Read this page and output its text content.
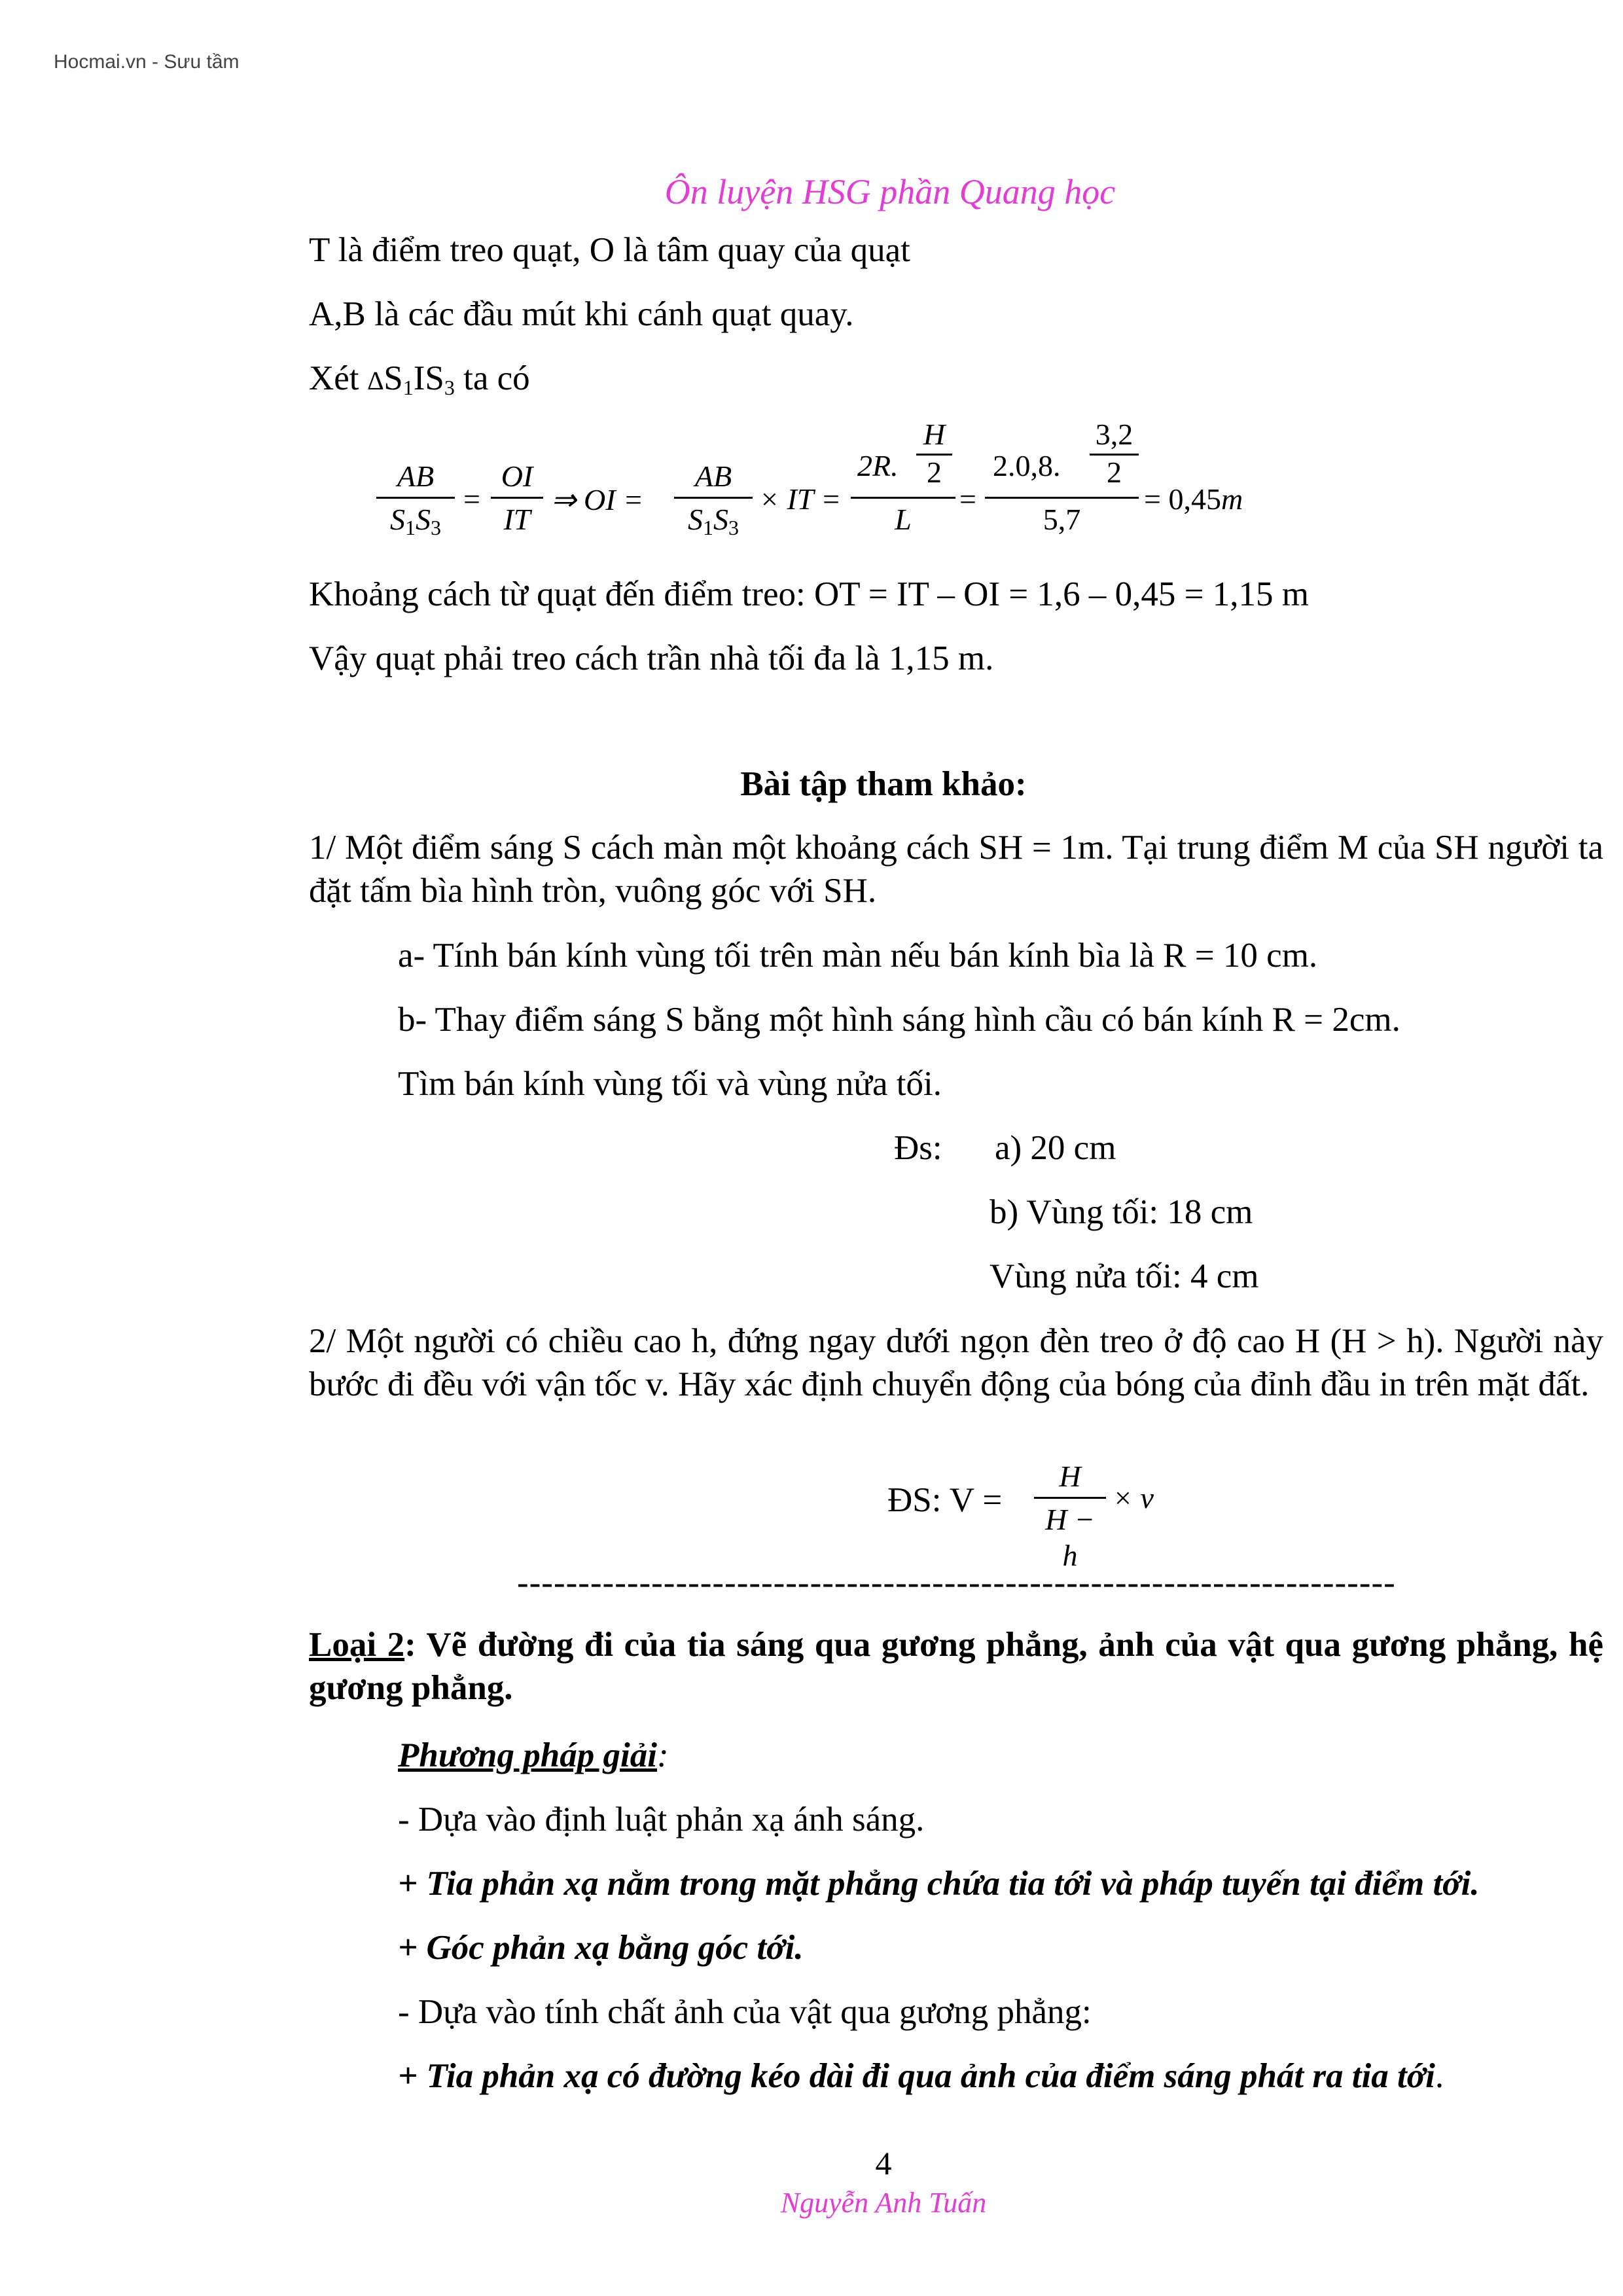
Hocmai.vn - Sưu tầm
Ôn luyện HSG phần Quang học
T là điểm treo quạt, O là tâm quay của quạt
A,B là các đầu mút khi cánh quạt quay.
Xét $\Delta S_1IS_3$ ta có
AB
$S_1S_3$
=
OI
IT
⇒ OI =
AB
$S_1S_3$
× IT =
2R.
H
2
L
=
2.0,8.
3,2
2
5,7
= 0,45m
Khoảng cách từ quạt đến điểm treo: OT = IT – OI = 1,6 – 0,45 = 1,15 m
Vậy quạt phải treo cách trần nhà tối đa là 1,15 m.
Bài tập tham khảo:
1/ Một điểm sáng S cách màn một khoảng cách SH = 1m. Tại trung điểm M của SH người ta đặt tấm bìa hình tròn, vuông góc với SH.
a- Tính bán kính vùng tối trên màn nếu bán kính bìa là R = 10 cm.
b- Thay điểm sáng S bằng một hình sáng hình cầu có bán kính R = 2cm.
Tìm bán kính vùng tối và vùng nửa tối.
Đs: a) 20 cm
b) Vùng tối: 18 cm
Vùng nửa tối: 4 cm
2/ Một người có chiều cao h, đứng ngay dưới ngọn đèn treo ở độ cao H (H > h). Người này bước đi đều với vận tốc v. Hãy xác định chuyển động của bóng của đỉnh đầu in trên mặt đất.
ĐS: V =
H
H − h
× v
------------------------------------------------------------------------
Loại 2: Vẽ đường đi của tia sáng qua gương phẳng, ảnh của vật qua gương phẳng, hệ gương phẳng.
Phương pháp giải:
- Dựa vào định luật phản xạ ánh sáng.
+ Tia phản xạ nằm trong mặt phẳng chứa tia tới và pháp tuyến tại điểm tới.
+ Góc phản xạ bằng góc tới.
- Dựa vào tính chất ảnh của vật qua gương phẳng:
+ Tia phản xạ có đường kéo dài đi qua ảnh của điểm sáng phát ra tia tới.
4
Nguyễn Anh Tuấn
